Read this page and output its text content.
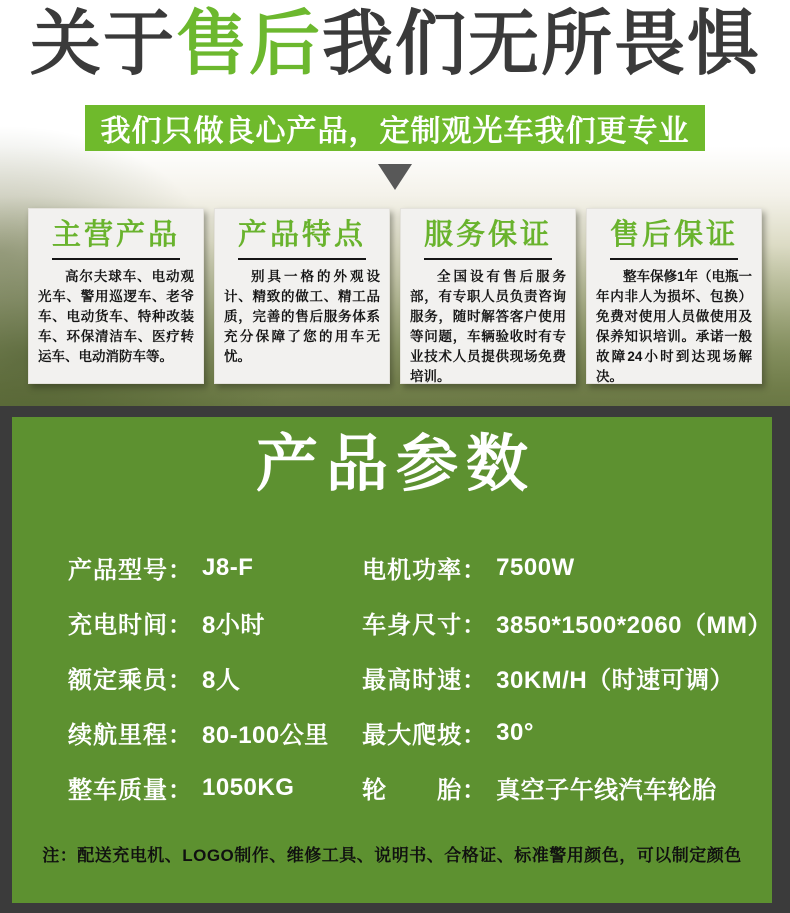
关于售后我们无所畏惧
我们只做良心产品，定制观光车我们更专业
主营产品
高尔夫球车、电动观光车、警用巡逻车、老爷车、电动货车、特种改装车、环保清洁车、医疗转运车、电动消防车等。
产品特点
别具一格的外观设计、精致的做工、精工品质，完善的售后服务体系充分保障了您的用车无忧。
服务保证
全国设有售后服务部，有专职人员负责咨询服务，随时解答客户使用等问题，车辆验收时有专业技术人员提供现场免费培训。
售后保证
整车保修1年（电瓶一年内非人为损坏、包换）免费对使用人员做使用及保养知识培训。承诺一般故障24小时到达现场解决。
产品参数
产品型号： J8-F
充电时间： 8小时
额定乘员： 8人
续航里程： 80-100公里
整车质量： 1050KG
电机功率： 7500W
车身尺寸： 3850*1500*2060（MM）
最高时速： 30KM/H（时速可调）
最大爬坡： 30°
轮　　胎： 真空子午线汽车轮胎
注：配送充电机、LOGO制作、维修工具、说明书、合格证、标准警用颜色，可以制定颜色
